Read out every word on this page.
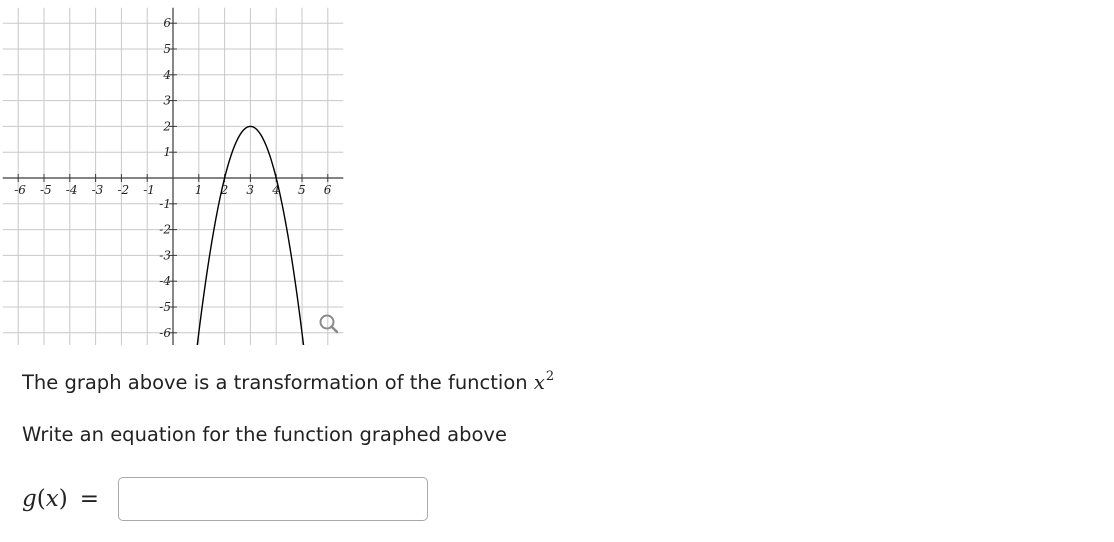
-6 -5 -4 -3 -2 -1	1 2 3 4 5 6
6
5
4
3
2
1
-1
-2
-3
-4
-5
-6
The graph above is a transformation of the function $x^2$
Write an equation for the function graphed above
g(x) =
